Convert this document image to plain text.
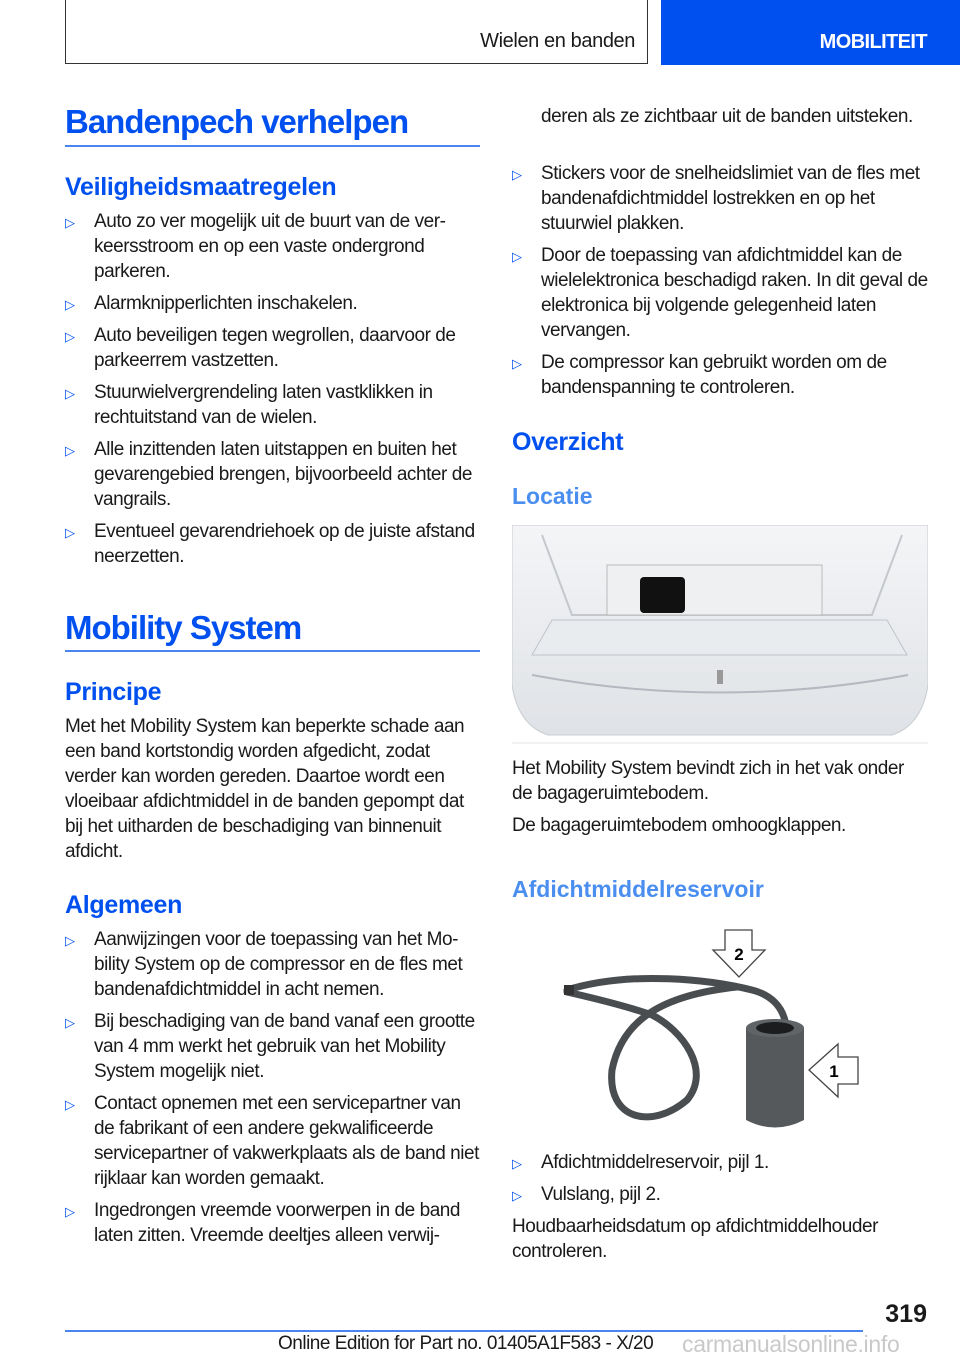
Wielen en banden	MOBILITEIT
Bandenpech verhelpen
Veiligheidsmaatregelen
▷ Auto zo ver mogelijk uit de buurt van de verkeersstroom en op een vaste ondergrond parkeren.
▷ Alarmknipperlichten inschakelen.
▷ Auto beveiligen tegen wegrollen, daarvoor de parkeerrem vastzetten.
▷ Stuurwielvergrendeling laten vastklikken in rechtuitstand van de wielen.
▷ Alle inzittenden laten uitstappen en buiten het gevarengebied brengen, bijvoorbeeld achter de vangrails.
▷ Eventueel gevarendriehoek op de juiste afstand neerzetten.
Mobility System
Principe
Met het Mobility System kan beperkte schade aan een band kortstondig worden afgedicht, zodat verder kan worden gereden. Daartoe wordt een vloeibaar afdichtmiddel in de banden gepompt dat bij het uitharden de beschadiging van binnenuit afdicht.
Algemeen
▷ Aanwijzingen voor de toepassing van het Mobility System op de compressor en de fles met bandenafdichtmiddel in acht nemen.
▷ Bij beschadiging van de band vanaf een grootte van 4 mm werkt het gebruik van het Mobility System mogelijk niet.
▷ Contact opnemen met een servicepartner van de fabrikant of een andere gekwalificeerde servicepartner of vakwerkplaats als de band niet rijklaar kan worden gemaakt.
▷ Ingedrongen vreemde voorwerpen in de band laten zitten. Vreemde deeltjes alleen verwij-
deren als ze zichtbaar uit de banden uitsteken.
▷ Stickers voor de snelheidslimiet van de fles met bandenafdichtmiddel lostrekken en op het stuurwiel plakken.
▷ Door de toepassing van afdichtmiddel kan de wielelektronica beschadigd raken. In dit geval de elektronica bij volgende gelegenheid laten vervangen.
▷ De compressor kan gebruikt worden om de bandenspanning te controleren.
Overzicht
Locatie
Het Mobility System bevindt zich in het vak onder de bagageruimtebodem.
De bagageruimtebodem omhoogklappen.
Afdichtmiddelreservoir
2
1
▷ Afdichtmiddelreservoir, pijl 1.
▷ Vulslang, pijl 2.
Houdbaarheidsdatum op afdichtmiddelhouder controleren.
319
Online Edition for Part no. 01405A1F583 - X/20 carmanualsonline.info
